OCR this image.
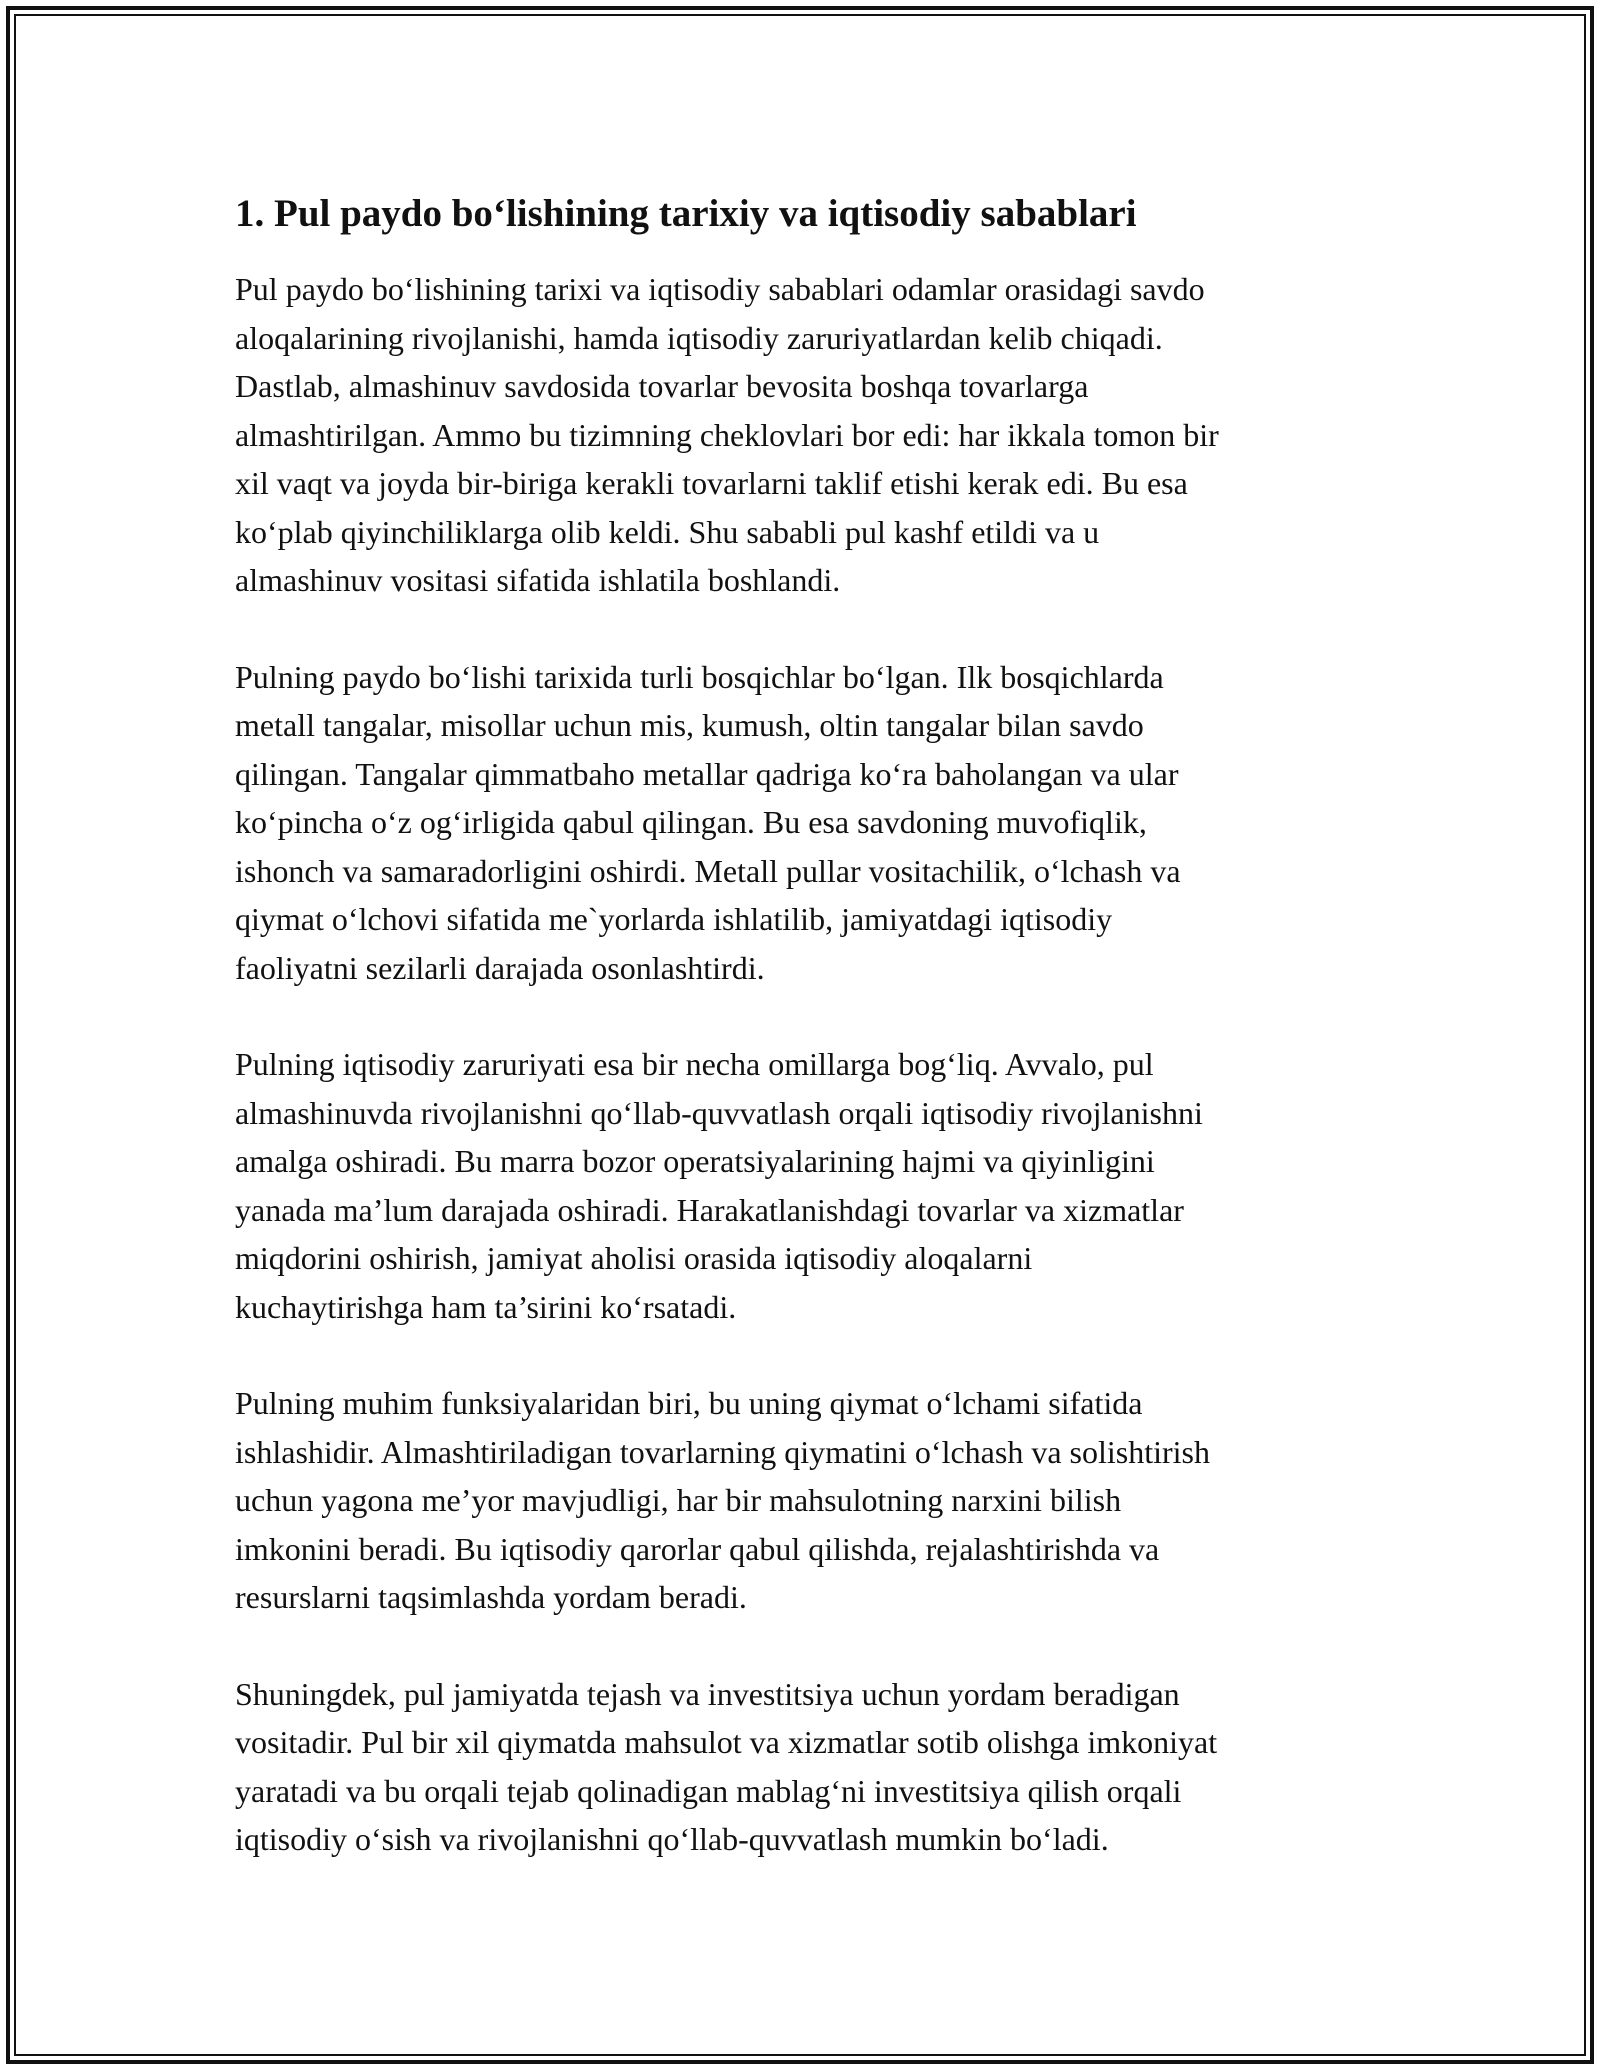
1. Pul paydo bo‘lishining tarixiy va iqtisodiy sabablari

Pul paydo bo‘lishining tarixi va iqtisodiy sabablari odamlar orasidagi savdo
aloqalarining rivojlanishi, hamda iqtisodiy zaruriyatlardan kelib chiqadi.
Dastlab, almashinuv savdosida tovarlar bevosita boshqa tovarlarga
almashtirilgan. Ammo bu tizimning cheklovlari bor edi: har ikkala tomon bir
xil vaqt va joyda bir-biriga kerakli tovarlarni taklif etishi kerak edi. Bu esa
ko‘plab qiyinchiliklarga olib keldi. Shu sababli pul kashf etildi va u
almashinuv vositasi sifatida ishlatila boshlandi.

Pulning paydo bo‘lishi tarixida turli bosqichlar bo‘lgan. Ilk bosqichlarda
metall tangalar, misollar uchun mis, kumush, oltin tangalar bilan savdo
qilingan. Tangalar qimmatbaho metallar qadriga ko‘ra baholangan va ular
ko‘pincha o‘z og‘irligida qabul qilingan. Bu esa savdoning muvofiqlik,
ishonch va samaradorligini oshirdi. Metall pullar vositachilik, o‘lchash va
qiymat o‘lchovi sifatida me`yorlarda ishlatilib, jamiyatdagi iqtisodiy
faoliyatni sezilarli darajada osonlashtirdi.

Pulning iqtisodiy zaruriyati esa bir necha omillarga bog‘liq. Avvalo, pul
almashinuvda rivojlanishni qo‘llab-quvvatlash orqali iqtisodiy rivojlanishni
amalga oshiradi. Bu marra bozor operatsiyalarining hajmi va qiyinligini
yanada ma’lum darajada oshiradi. Harakatlanishdagi tovarlar va xizmatlar
miqdorini oshirish, jamiyat aholisi orasida iqtisodiy aloqalarni
kuchaytirishga ham ta’sirini ko‘rsatadi.

Pulning muhim funksiyalaridan biri, bu uning qiymat o‘lchami sifatida
ishlashidir. Almashtiriladigan tovarlarning qiymatini o‘lchash va solishtirish
uchun yagona me’yor mavjudligi, har bir mahsulotning narxini bilish
imkonini beradi. Bu iqtisodiy qarorlar qabul qilishda, rejalashtirishda va
resurslarni taqsimlashda yordam beradi.

Shuningdek, pul jamiyatda tejash va investitsiya uchun yordam beradigan
vositadir. Pul bir xil qiymatda mahsulot va xizmatlar sotib olishga imkoniyat
yaratadi va bu orqali tejab qolinadigan mablag‘ni investitsiya qilish orqali
iqtisodiy o‘sish va rivojlanishni qo‘llab-quvvatlash mumkin bo‘ladi.
